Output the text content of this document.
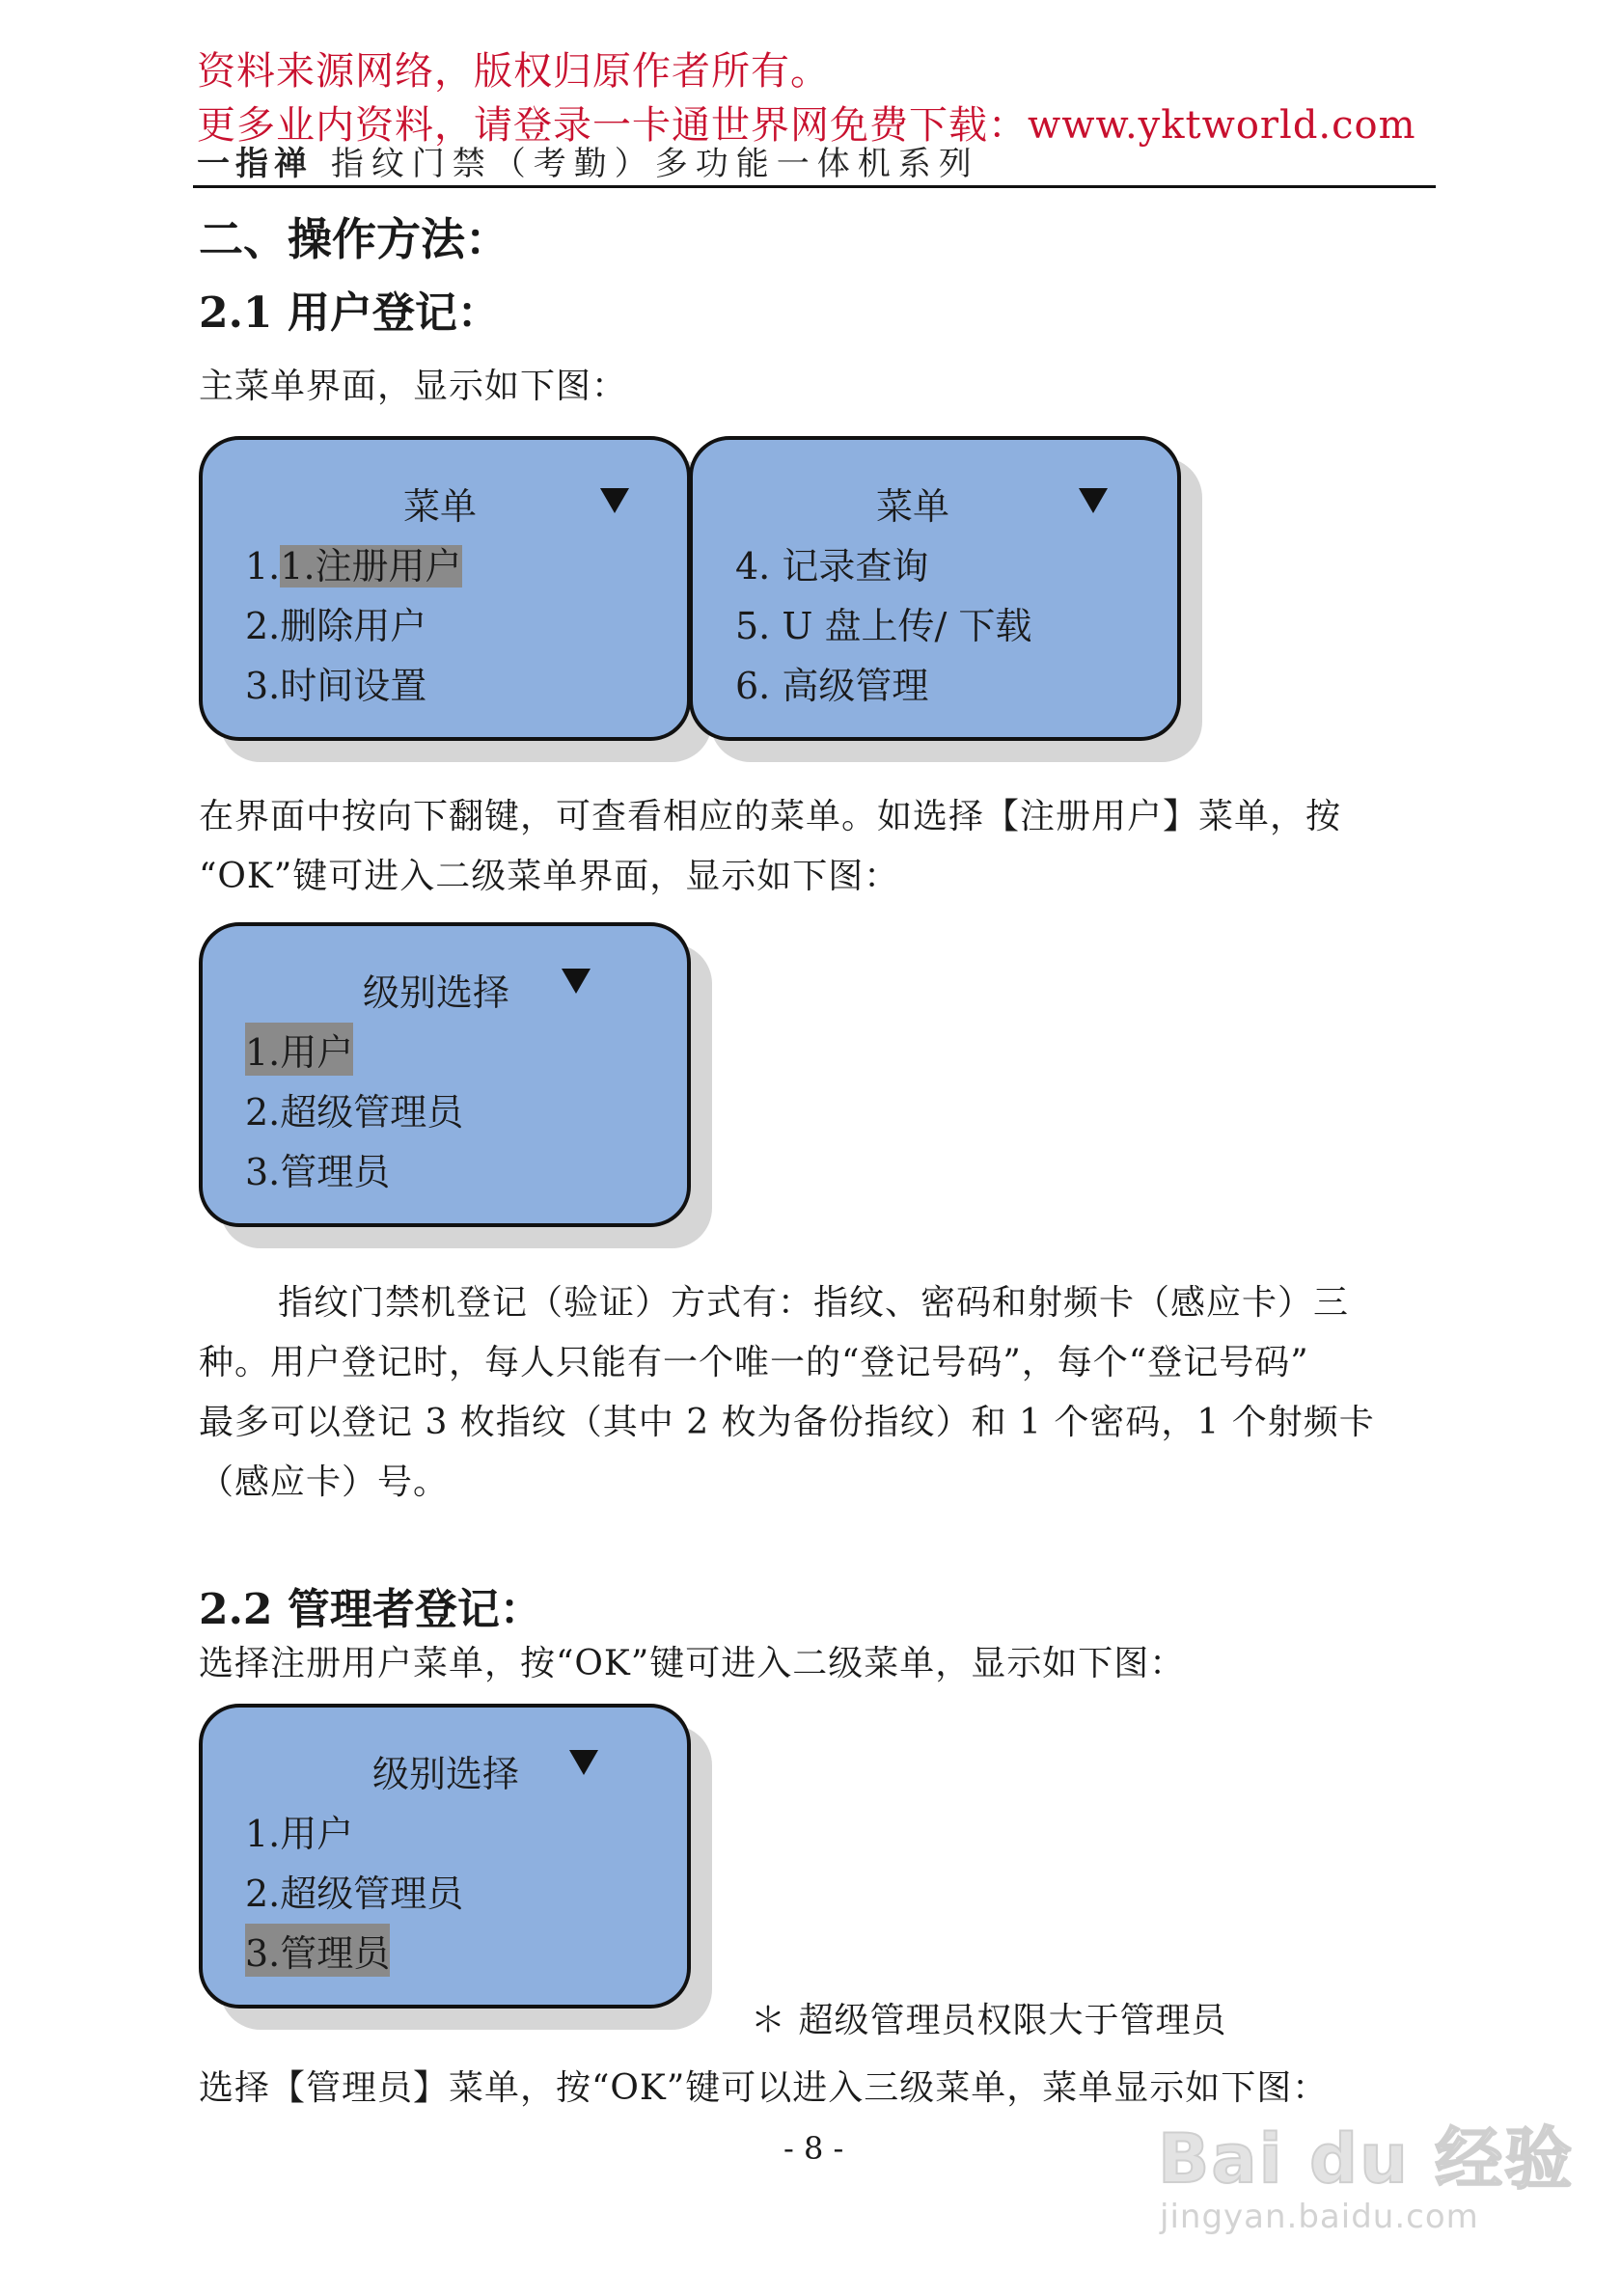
资料来源网络，版权归原作者所有。
更多业内资料，请登录一卡通世界网免费下载：www.yktworld.com
一指禅 指纹门禁（考勤）多功能一体机系列
二、操作方法：
2.1 用户登记：
主菜单界面，显示如下图：
菜单
1.1.注册用户
2.删除用户
3.时间设置
菜单
4. 记录查询
5. U 盘上传/ 下载
6. 高级管理
在界面中按向下翻键，可查看相应的菜单。如选择【注册用户】菜单，按
“OK”键可进入二级菜单界面，显示如下图：
级别选择
1.用户
2.超级管理员
3.管理员
指纹门禁机登记（验证）方式有：指纹、密码和射频卡（感应卡）三
种。用户登记时，每人只能有一个唯一的“登记号码”，每个“登记号码”
最多可以登记 3 枚指纹（其中 2 枚为备份指纹）和 1 个密码，1 个射频卡
（感应卡）号。
2.2 管理者登记：
选择注册用户菜单，按“OK”键可进入二级菜单，显示如下图：
级别选择
1.用户
2.超级管理员
3.管理员
＊ 超级管理员权限大于管理员
选择【管理员】菜单，按“OK”键可以进入三级菜单，菜单显示如下图：
- 8 -	Bai du 经验
jingyan.baidu.com
